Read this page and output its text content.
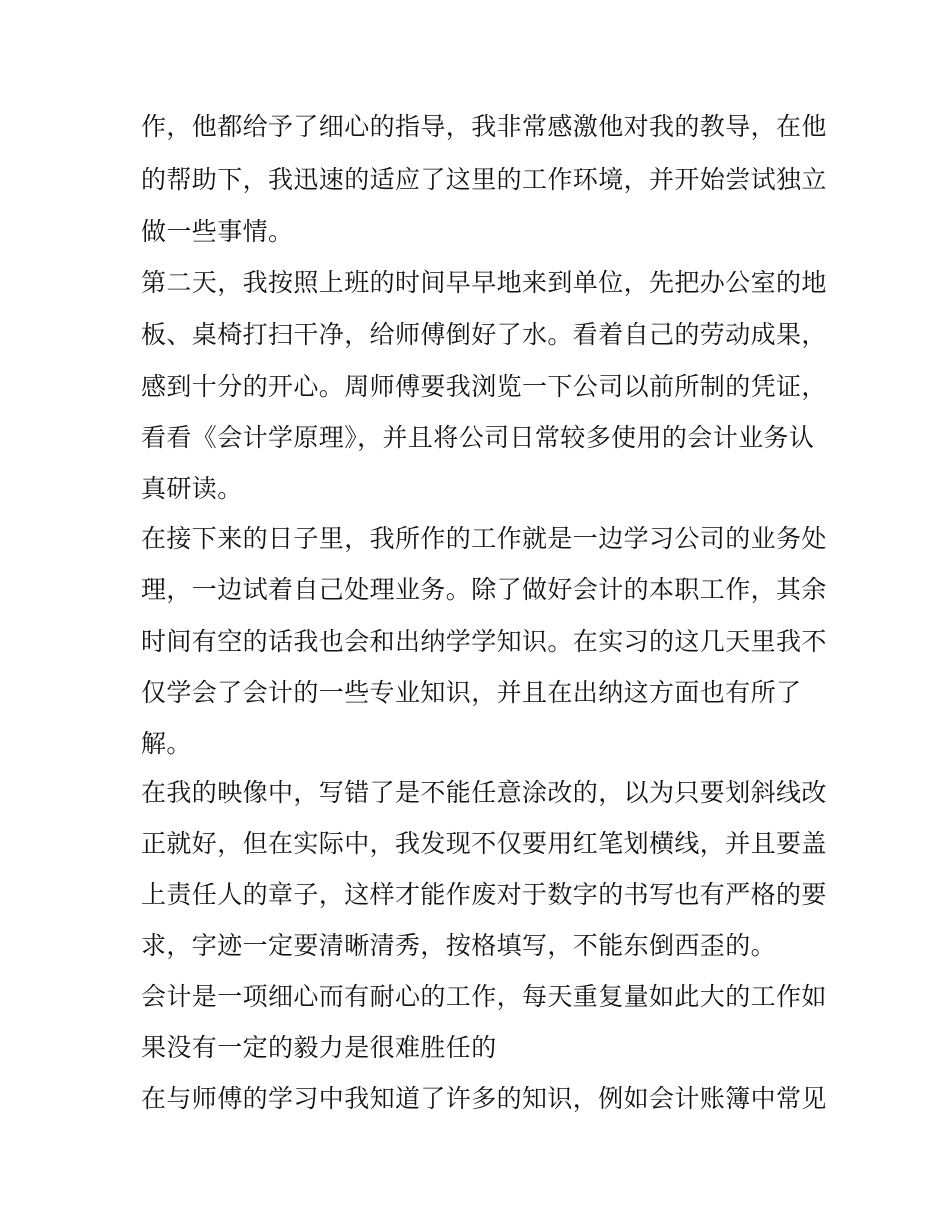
作，他都给予了细心的指导，我非常感激他对我的教导，在他

的帮助下，我迅速的适应了这里的工作环境，并开始尝试独立

做一些事情。

第二天，我按照上班的时间早早地来到单位，先把办公室的地

板、桌椅打扫干净，给师傅倒好了水。看着自己的劳动成果，

感到十分的开心。周师傅要我浏览一下公司以前所制的凭证，

看看《会计学原理》，并且将公司日常较多使用的会计业务认

真研读。

在接下来的日子里，我所作的工作就是一边学习公司的业务处

理，一边试着自己处理业务。除了做好会计的本职工作，其余

时间有空的话我也会和出纳学学知识。在实习的这几天里我不

仅学会了会计的一些专业知识，并且在出纳这方面也有所了

解。

在我的映像中，写错了是不能任意涂改的，以为只要划斜线改

正就好，但在实际中，我发现不仅要用红笔划横线，并且要盖

上责任人的章子，这样才能作废对于数字的书写也有严格的要

求，字迹一定要清晰清秀，按格填写，不能东倒西歪的。

会计是一项细心而有耐心的工作，每天重复量如此大的工作如

果没有一定的毅力是很难胜任的

在与师傅的学习中我知道了许多的知识，例如会计账簿中常见
